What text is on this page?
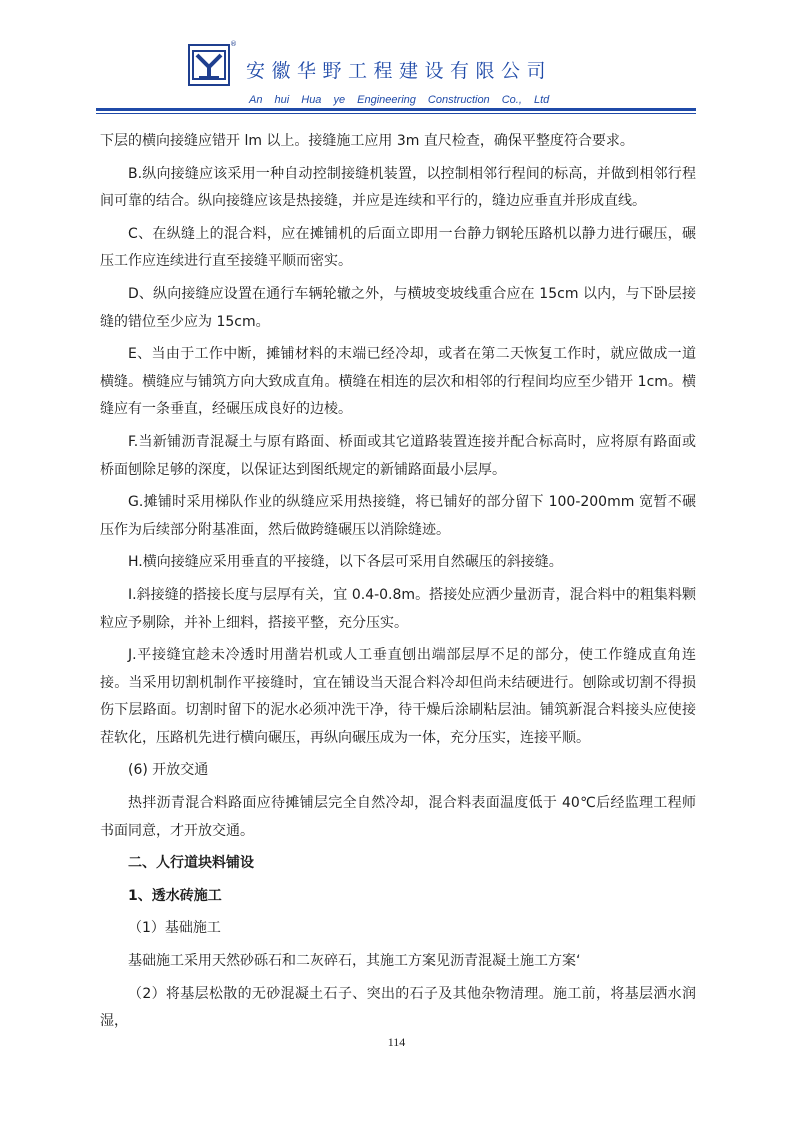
®
安徽华野工程建设有限公司
An hui Hua ye Engineering Construction Co., Ltd

下层的横向接缝应错开 lm 以上。接缝施工应用 3m 直尺检查，确保平整度符合要求。

B.纵向接缝应该采用一种自动控制接缝机装置，以控制相邻行程间的标高，并做到相邻行程间可靠的结合。纵向接缝应该是热接缝，并应是连续和平行的，缝边应垂直并形成直线。

C、在纵缝上的混合料，应在摊铺机的后面立即用一台静力钢轮压路机以静力进行碾压，碾压工作应连续进行直至接缝平顺而密实。

D、纵向接缝应设置在通行车辆轮辙之外，与横坡变坡线重合应在 15cm 以内，与下卧层接缝的错位至少应为 15cm。

E、当由于工作中断，摊铺材料的末端已经冷却，或者在第二天恢复工作时，就应做成一道横缝。横缝应与铺筑方向大致成直角。横缝在相连的层次和相邻的行程间均应至少错开 1cm。横缝应有一条垂直，经碾压成良好的边棱。

F.当新铺沥青混凝土与原有路面、桥面或其它道路装置连接并配合标高时，应将原有路面或桥面刨除足够的深度，以保证达到图纸规定的新铺路面最小层厚。

G.摊铺时采用梯队作业的纵缝应采用热接缝，将已铺好的部分留下 100-200mm 宽暂不碾压作为后续部分附基准面，然后做跨缝碾压以消除缝迹。

H.横向接缝应采用垂直的平接缝，以下各层可采用自然碾压的斜接缝。

I.斜接缝的搭接长度与层厚有关，宜 0.4-0.8m。搭接处应洒少量沥青，混合料中的粗集料颗粒应予剔除，并补上细料，搭接平整，充分压实。

J.平接缝宜趁未冷透时用凿岩机或人工垂直刨出端部层厚不足的部分，使工作缝成直角连接。当采用切割机制作平接缝时，宜在铺设当天混合料冷却但尚未结硬进行。刨除或切割不得损伤下层路面。切割时留下的泥水必须冲洗干净，待干燥后涂刷粘层油。铺筑新混合料接头应使接茬软化，压路机先进行横向碾压，再纵向碾压成为一体，充分压实，连接平顺。

(6) 开放交通

热拌沥青混合料路面应待摊铺层完全自然冷却，混合料表面温度低于 40℃后经监理工程师书面同意，才开放交通。

二、人行道块料铺设

1、透水砖施工

（1）基础施工

基础施工采用天然砂砾石和二灰碎石，其施工方案见沥青混凝土施工方案‘

（2）将基层松散的无砂混凝土石子、突出的石子及其他杂物清理。施工前，将基层洒水润湿，

114
